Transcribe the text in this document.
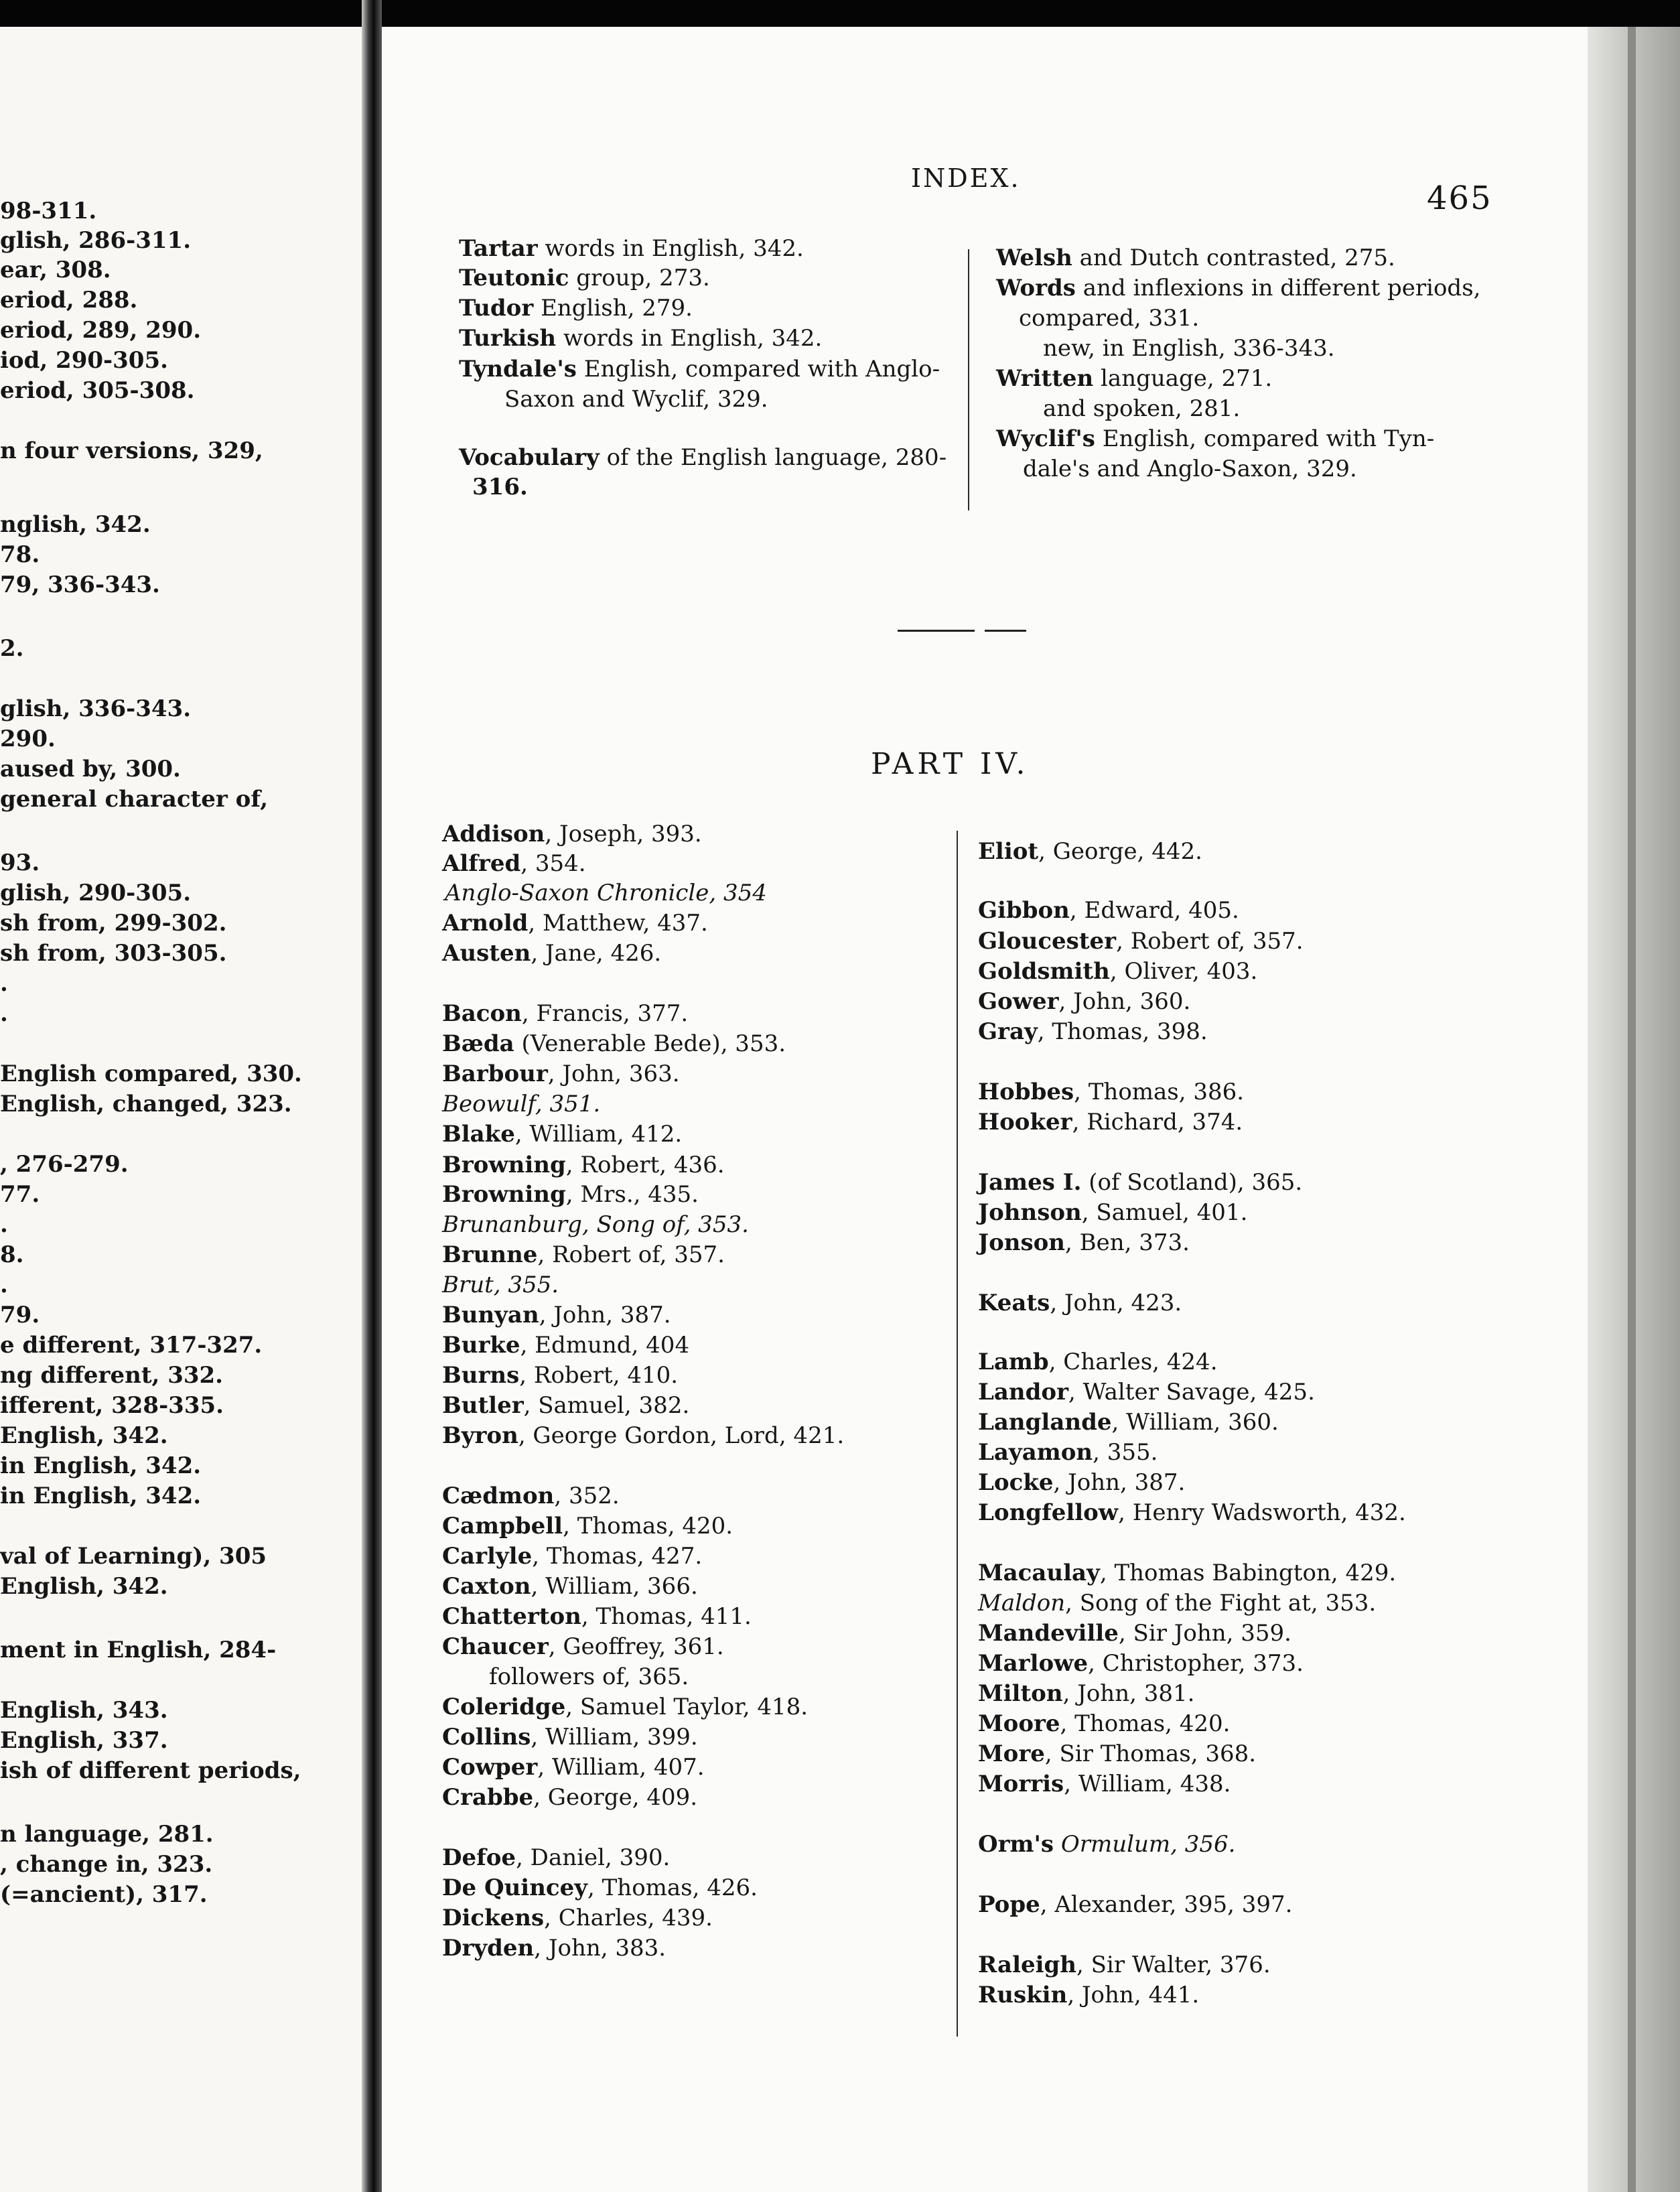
98-311.
glish, 286-311.
ear, 308.
eriod, 288.
eriod, 289, 290.
iod, 290-305.
eriod, 305-308.
n four versions, 329,
nglish, 342.
78.
79, 336-343.
2.
glish, 336-343.
290.
aused by, 300.
general character of,
93.
glish, 290-305.
sh from, 299-302.
sh from, 303-305.
.
.
English compared, 330.
English, changed, 323.
, 276-279.
77.
.
8.
.
79.
e different, 317-327.
ng different, 332.
ifferent, 328-335.
English, 342.
in English, 342.
in English, 342.
val of Learning), 305
English, 342.
ment in English, 284-
English, 343.
English, 337.
ish of different periods,
n language, 281.
, change in, 323.
(=ancient), 317.
INDEX.
465
Tartar words in English, 342.
Teutonic group, 273.
Tudor English, 279.
Turkish words in English, 342.
Tyndale's English, compared with Anglo-
Saxon and Wyclif, 329.
Vocabulary of the English language, 280-
316.
Welsh and Dutch contrasted, 275.
Words and inflexions in different periods,
compared, 331.
new, in English, 336-343.
Written language, 271.
and spoken, 281.
Wyclif's English, compared with Tyn-
dale's and Anglo-Saxon, 329.
PART IV.
Addison, Joseph, 393.
Alfred, 354.
Anglo-Saxon Chronicle, 354
Arnold, Matthew, 437.
Austen, Jane, 426.
Bacon, Francis, 377.
Bæda (Venerable Bede), 353.
Barbour, John, 363.
Beowulf, 351.
Blake, William, 412.
Browning, Robert, 436.
Browning, Mrs., 435.
Brunanburg, Song of, 353.
Brunne, Robert of, 357.
Brut, 355.
Bunyan, John, 387.
Burke, Edmund, 404
Burns, Robert, 410.
Butler, Samuel, 382.
Byron, George Gordon, Lord, 421.
Cædmon, 352.
Campbell, Thomas, 420.
Carlyle, Thomas, 427.
Caxton, William, 366.
Chatterton, Thomas, 411.
Chaucer, Geoffrey, 361.
followers of, 365.
Coleridge, Samuel Taylor, 418.
Collins, William, 399.
Cowper, William, 407.
Crabbe, George, 409.
Defoe, Daniel, 390.
De Quincey, Thomas, 426.
Dickens, Charles, 439.
Dryden, John, 383.
Eliot, George, 442.
Gibbon, Edward, 405.
Gloucester, Robert of, 357.
Goldsmith, Oliver, 403.
Gower, John, 360.
Gray, Thomas, 398.
Hobbes, Thomas, 386.
Hooker, Richard, 374.
James I. (of Scotland), 365.
Johnson, Samuel, 401.
Jonson, Ben, 373.
Keats, John, 423.
Lamb, Charles, 424.
Landor, Walter Savage, 425.
Langlande, William, 360.
Layamon, 355.
Locke, John, 387.
Longfellow, Henry Wadsworth, 432.
Macaulay, Thomas Babington, 429.
Maldon, Song of the Fight at, 353.
Mandeville, Sir John, 359.
Marlowe, Christopher, 373.
Milton, John, 381.
Moore, Thomas, 420.
More, Sir Thomas, 368.
Morris, William, 438.
Orm's Ormulum, 356.
Pope, Alexander, 395, 397.
Raleigh, Sir Walter, 376.
Ruskin, John, 441.
